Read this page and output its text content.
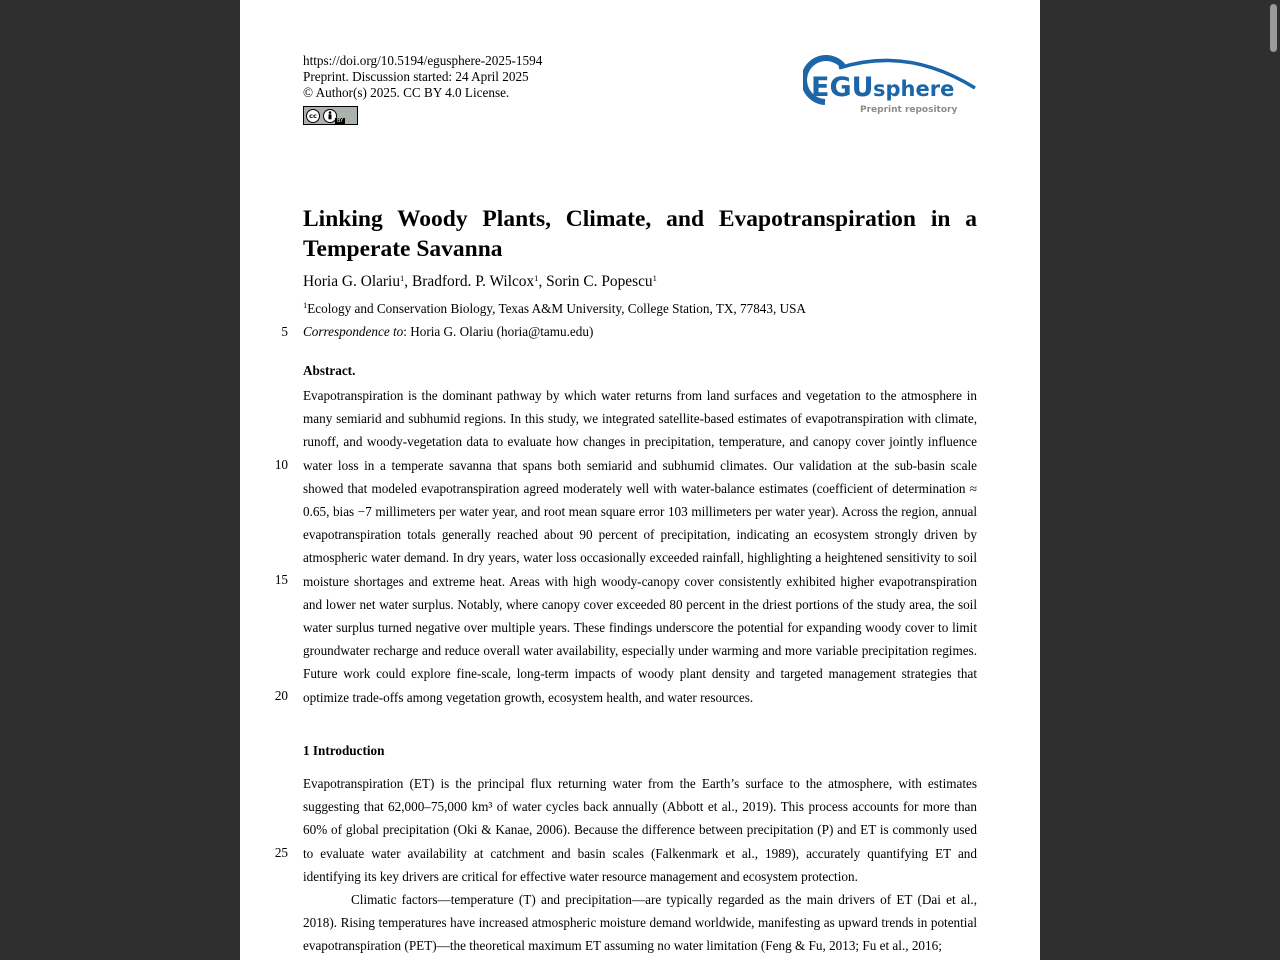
https://doi.org/10.5194/egusphere-2025-1594
Preprint. Discussion started: 24 April 2025
© Author(s) 2025. CC BY 4.0 License.
cc
BY
EGU sphere
Preprint repository
Linking Woody Plants, Climate, and Evapotranspiration in a Temperate Savanna
Horia G. Olariu$^1$, Bradford. P. Wilcox$^1$, Sorin C. Popescu$^1$
$^1$Ecology and Conservation Biology, Texas A&M University, College Station, TX, 77843, USA
Correspondence to: Horia G. Olariu (horia@tamu.edu)
Abstract.
Evapotranspiration is the dominant pathway by which water returns from land surfaces and vegetation to the atmosphere in many semiarid and subhumid regions. In this study, we integrated satellite-based estimates of evapotranspiration with climate, runoff, and woody-vegetation data to evaluate how changes in precipitation, temperature, and canopy cover jointly influence water loss in a temperate savanna that spans both semiarid and subhumid climates. Our validation at the sub-basin scale showed that modeled evapotranspiration agreed moderately well with water-balance estimates (coefficient of determination ≈ 0.65, bias −7 millimeters per water year, and root mean square error 103 millimeters per water year). Across the region, annual evapotranspiration totals generally reached about 90 percent of precipitation, indicating an ecosystem strongly driven by atmospheric water demand. In dry years, water loss occasionally exceeded rainfall, highlighting a heightened sensitivity to soil moisture shortages and extreme heat. Areas with high woody-canopy cover consistently exhibited higher evapotranspiration and lower net water surplus. Notably, where canopy cover exceeded 80 percent in the driest portions of the study area, the soil water surplus turned negative over multiple years. These findings underscore the potential for expanding woody cover to limit groundwater recharge and reduce overall water availability, especially under warming and more variable precipitation regimes. Future work could explore fine-scale, long-term impacts of woody plant density and targeted management strategies that optimize trade-offs among vegetation growth, ecosystem health, and water resources.
1 Introduction
Evapotranspiration (ET) is the principal flux returning water from the Earth’s surface to the atmosphere, with estimates suggesting that 62,000–75,000 km³ of water cycles back annually (Abbott et al., 2019). This process accounts for more than 60% of global precipitation (Oki & Kanae, 2006). Because the difference between precipitation (P) and ET is commonly used to evaluate water availability at catchment and basin scales (Falkenmark et al., 1989), accurately quantifying ET and identifying its key drivers are critical for effective water resource management and ecosystem protection.
Climatic factors—temperature (T) and precipitation—are typically regarded as the main drivers of ET (Dai et al., 2018). Rising temperatures have increased atmospheric moisture demand worldwide, manifesting as upward trends in potential evapotranspiration (PET)—the theoretical maximum ET assuming no water limitation (Feng & Fu, 2013; Fu et al., 2016;
5
10
15
20
25
